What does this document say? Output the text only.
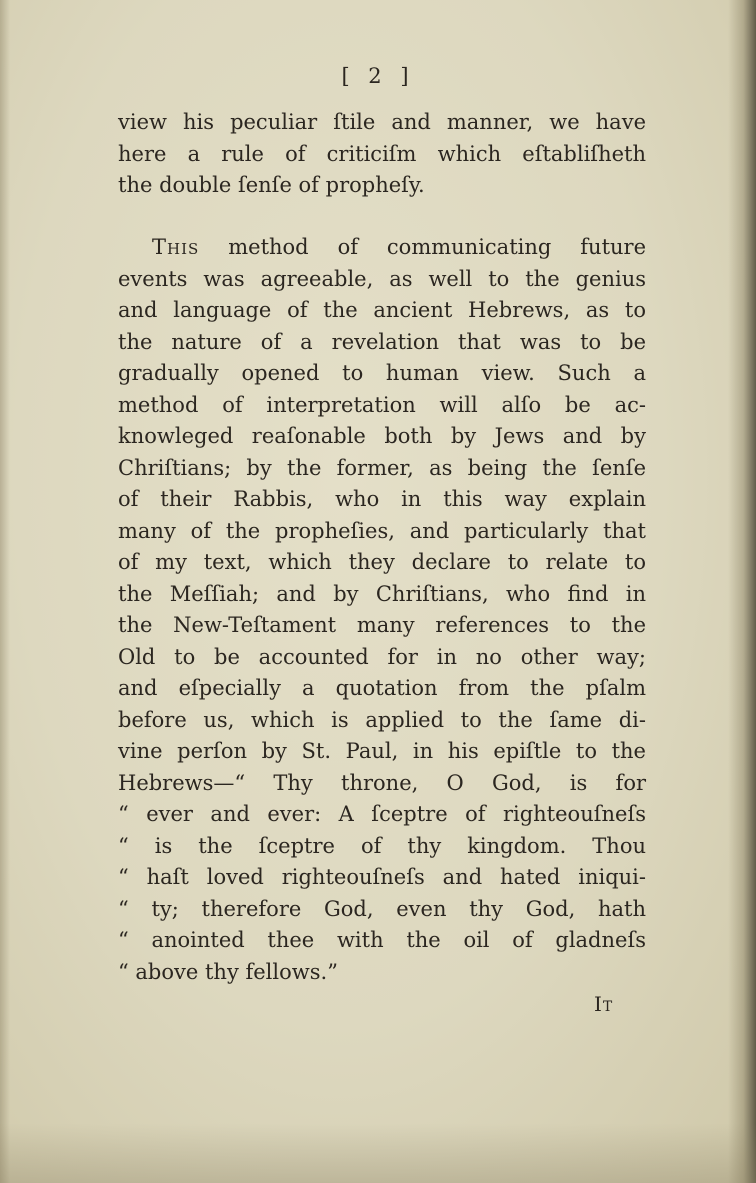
[ 2 ]
view his peculiar ſtile and manner, we have
here a rule of criticiſm which eſtabliſheth
the double ſenſe of propheſy.
This method of communicating future
events was agreeable, as well to the genius
and language of the ancient Hebrews, as to
the nature of a revelation that was to be
gradually opened to human view. Such a
method of interpretation will alſo be ac-
knowleged reaſonable both by Jews and by
Chriſtians; by the former, as being the ſenſe
of their Rabbis, who in this way explain
many of the propheſies, and particularly that
of my text, which they declare to relate to
the Meſſiah; and by Chriſtians, who find in
the New-Teſtament many references to the
Old to be accounted for in no other way;
and eſpecially a quotation from the pſalm
before us, which is applied to the ſame di-
vine perſon by St. Paul, in his epiſtle to the
Hebrews—“ Thy throne, O God, is for
“ ever and ever: A ſceptre of righteouſneſs
“ is the ſceptre of thy kingdom. Thou
“ haſt loved righteouſneſs and hated iniqui-
“ ty; therefore God, even thy God, hath
“ anointed thee with the oil of gladneſs
“ above thy fellows.”
It
